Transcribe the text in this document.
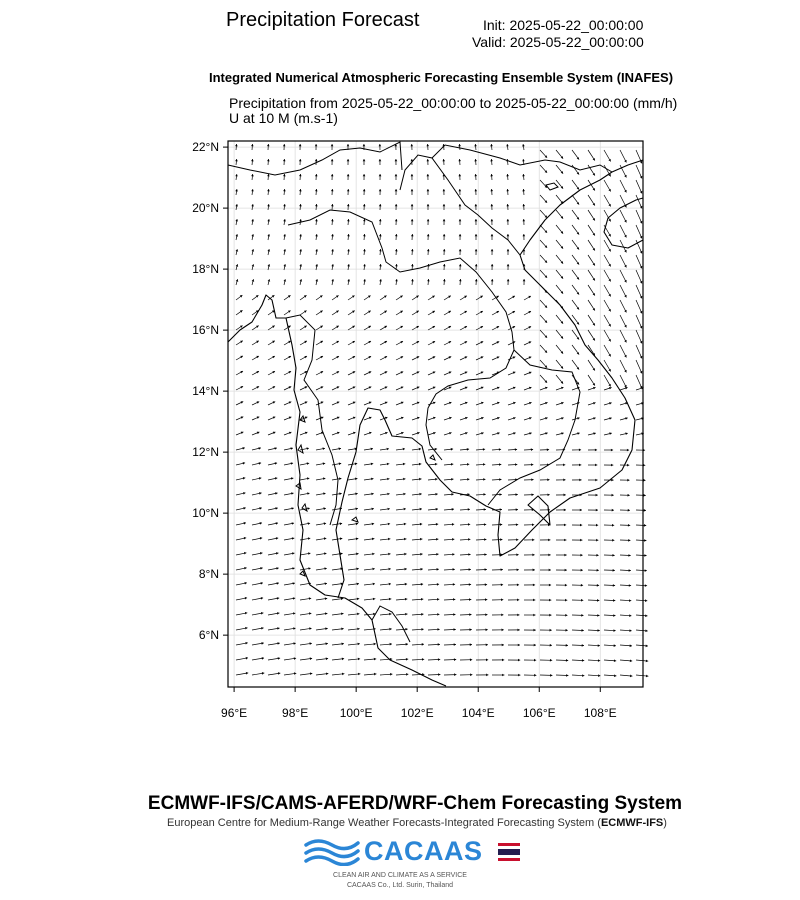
Precipitation Forecast	Init: 2025-05-22_00:00:00
Valid: 2025-05-22_00:00:00
Integrated Numerical Atmospheric Forecasting Ensemble System (INAFES)
Precipitation from 2025-05-22_00:00:00 to 2025-05-22_00:00:00 (mm/h)
U at 10 M (m.s-1)
22°N
20°N
18°N
16°N
14°N
12°N
10°N
8°N
6°N
96°E	98°E	100°E 102°E 104°E 106°E 108°E
ECMWF-IFS/CAMS-AFERD/WRF-Chem Forecasting System
European Centre for Medium-Range Weather Forecasts-Integrated Forecasting System (ECMWF-IFS)
CACAAS
CLEAN AIR AND CLIMATE AS A SERVICE
CACAAS Co., Ltd. Surin, Thailand
